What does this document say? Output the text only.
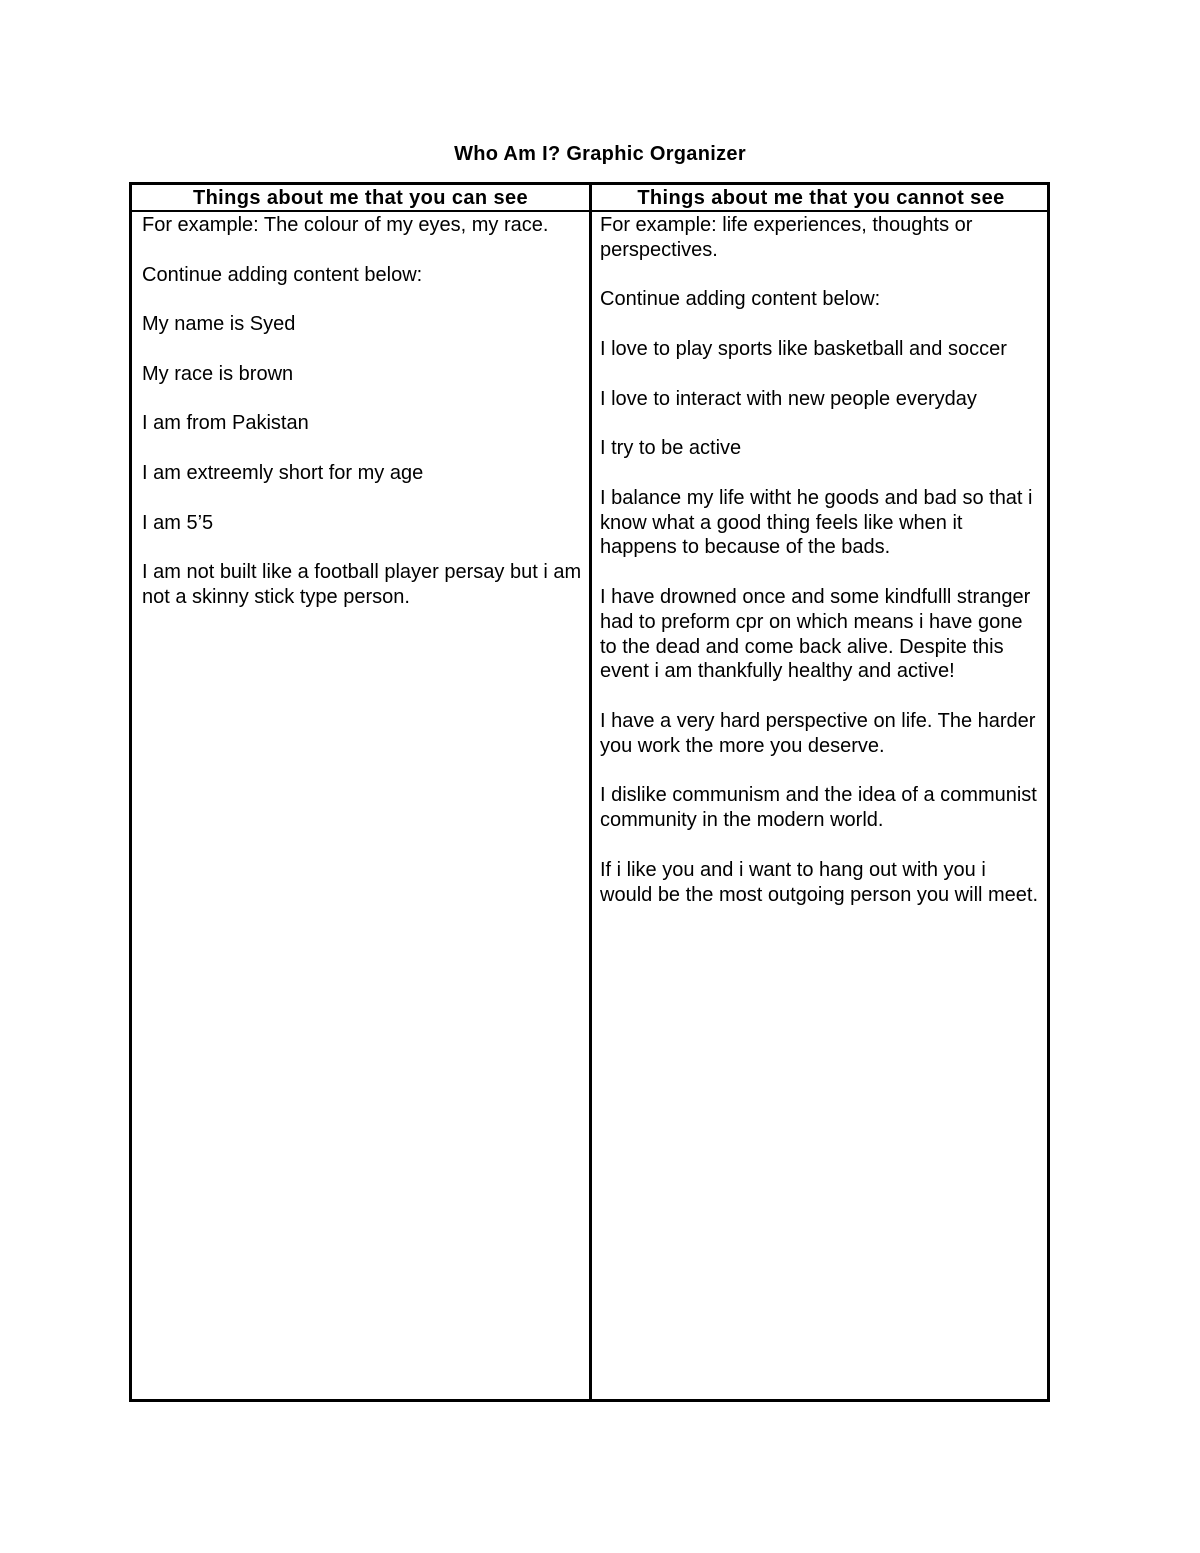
Who Am I? Graphic Organizer
Things about me that you can see	Things about me that you cannot see

For example: The colour of my eyes, my race.

Continue adding content below:

My name is Syed

My race is brown

I am from Pakistan

I am extreemly short for my age

I am 5’5

I am not built like a football player persay but i am not a skinny stick type person.

For example: life experiences, thoughts or perspectives.

Continue adding content below:

I love to play sports like basketball and soccer

I love to interact with new people everyday

I try to be active

I balance my life witht he goods and bad so that i know what a good thing feels like when it happens to because of the bads.

I have drowned once and some kindfulll stranger had to preform cpr on which means i have gone to the dead and come back alive. Despite this event i am thankfully healthy and active!

I have a very hard perspective on life. The harder you work the more you deserve.

I dislike communism and the idea of a communist community in the modern world.

If i like you and i want to hang out with you i would be the most outgoing person you will meet.
